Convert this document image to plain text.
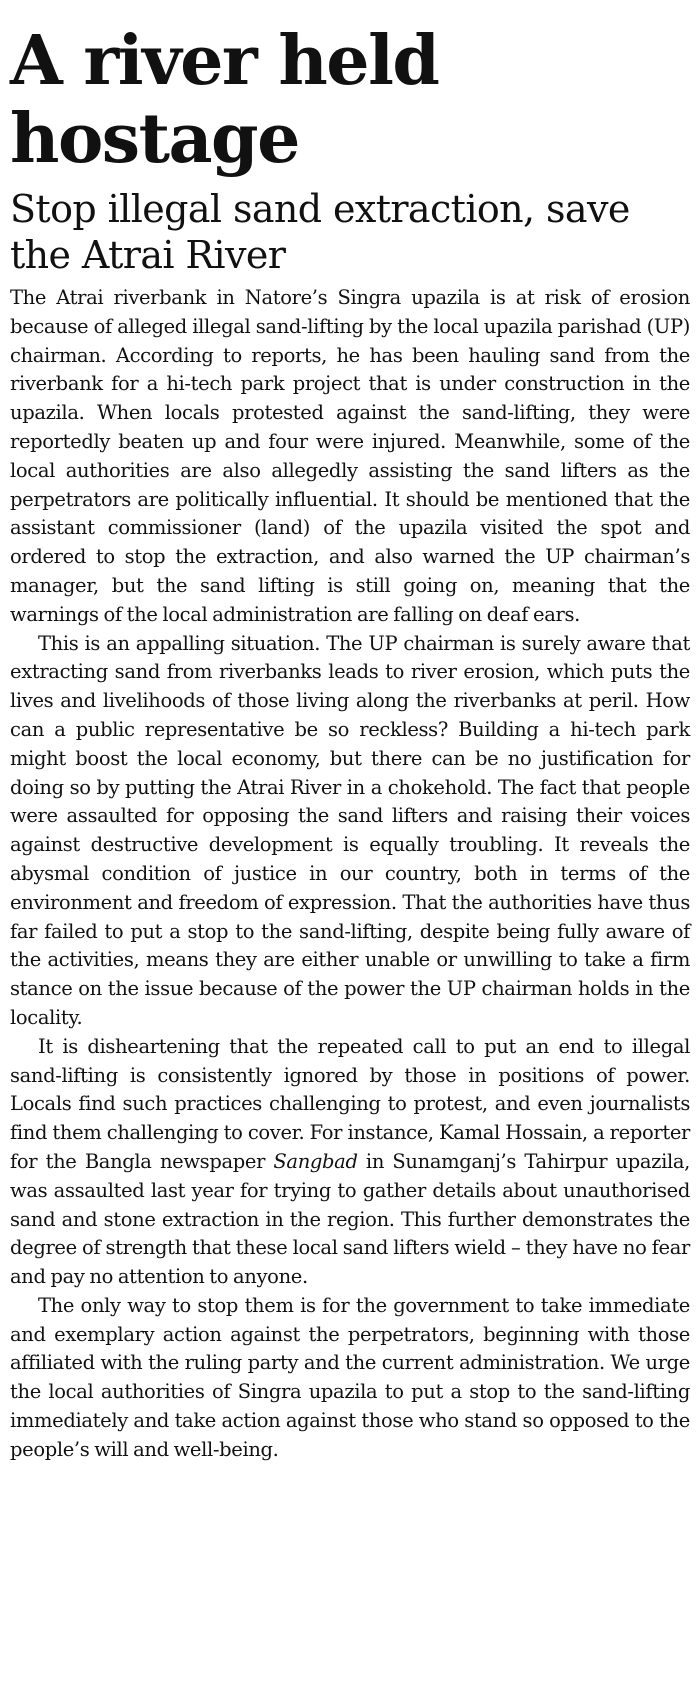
A river held
hostage
Stop illegal sand extraction, save the Atrai River

The Atrai riverbank in Natore’s Singra upazila is at risk of erosion because of alleged illegal sand-lifting by the local upazila parishad (UP) chairman. According to reports, he has been hauling sand from the riverbank for a hi-tech park project that is under construction in the upazila. When locals protested against the sand-lifting, they were reportedly beaten up and four were injured. Meanwhile, some of the local authorities are also allegedly assisting the sand lifters as the perpetrators are politically influential. It should be mentioned that the assistant commissioner (land) of the upazila visited the spot and ordered to stop the extraction, and also warned the UP chairman’s manager, but the sand lifting is still going on, meaning that the warnings of the local administration are falling on deaf ears.

This is an appalling situation. The UP chairman is surely aware that extracting sand from riverbanks leads to river erosion, which puts the lives and livelihoods of those living along the riverbanks at peril. How can a public representative be so reckless? Building a hi-tech park might boost the local economy, but there can be no justification for doing so by putting the Atrai River in a chokehold. The fact that people were assaulted for opposing the sand lifters and raising their voices against destructive development is equally troubling. It reveals the abysmal condition of justice in our country, both in terms of the environment and freedom of expression. That the authorities have thus far failed to put a stop to the sand-lifting, despite being fully aware of the activities, means they are either unable or unwilling to take a firm stance on the issue because of the power the UP chairman holds in the locality.

It is disheartening that the repeated call to put an end to illegal sand-lifting is consistently ignored by those in positions of power. Locals find such practices challenging to protest, and even journalists find them challenging to cover. For instance, Kamal Hossain, a reporter for the Bangla newspaper Sangbad in Sunamganj’s Tahirpur upazila, was assaulted last year for trying to gather details about unauthorised sand and stone extraction in the region. This further demonstrates the degree of strength that these local sand lifters wield – they have no fear and pay no attention to anyone.

The only way to stop them is for the government to take immediate and exemplary action against the perpetrators, beginning with those affiliated with the ruling party and the current administration. We urge the local authorities of Singra upazila to put a stop to the sand-lifting immediately and take action against those who stand so opposed to the people’s will and well-being.
